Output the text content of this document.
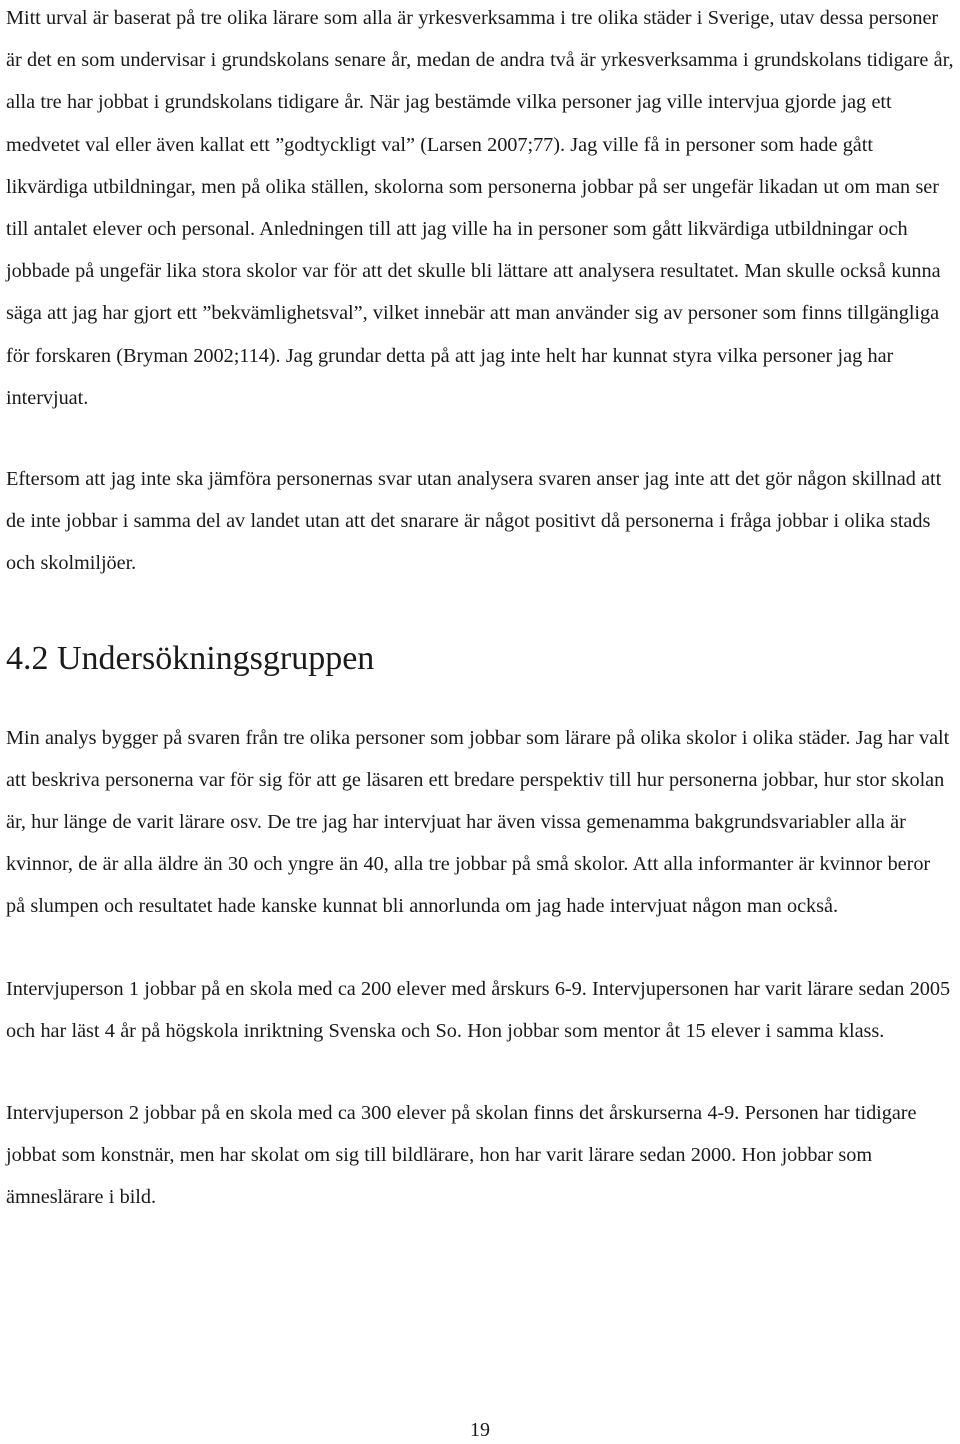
Mitt urval är baserat på tre olika lärare som alla är yrkesverksamma i tre olika städer i Sverige, utav dessa personer är det en som undervisar i grundskolans senare år, medan de andra två är yrkesverksamma i grundskolans tidigare år, alla tre har jobbat i grundskolans tidigare år. När jag bestämde vilka personer jag ville intervjua gjorde jag ett medvetet val eller även kallat ett ”godtyckligt val” (Larsen 2007;77). Jag ville få in personer som hade gått likvärdiga utbildningar, men på olika ställen, skolorna som personerna jobbar på ser ungefär likadan ut om man ser till antalet elever och personal. Anledningen till att jag ville ha in personer som gått likvärdiga utbildningar och jobbade på ungefär lika stora skolor var för att det skulle bli lättare att analysera resultatet. Man skulle också kunna säga att jag har gjort ett ”bekvämlighetsval”, vilket innebär att man använder sig av personer som finns tillgängliga för forskaren (Bryman 2002;114). Jag grundar detta på att jag inte helt har kunnat styra vilka personer jag har intervjuat.

Eftersom att jag inte ska jämföra personernas svar utan analysera svaren anser jag inte att det gör någon skillnad att de inte jobbar i samma del av landet utan att det snarare är något positivt då personerna i fråga jobbar i olika stads och skolmiljöer.

4.2 Undersökningsgruppen

Min analys bygger på svaren från tre olika personer som jobbar som lärare på olika skolor i olika städer. Jag har valt att beskriva personerna var för sig för att ge läsaren ett bredare perspektiv till hur personerna jobbar, hur stor skolan är, hur länge de varit lärare osv. De tre jag har intervjuat har även vissa gemenamma bakgrundsvariabler alla är kvinnor, de är alla äldre än 30 och yngre än 40, alla tre jobbar på små skolor. Att alla informanter är kvinnor beror på slumpen och resultatet hade kanske kunnat bli annorlunda om jag hade intervjuat någon man också.

Intervjuperson 1 jobbar på en skola med ca 200 elever med årskurs 6-9. Intervjupersonen har varit lärare sedan 2005 och har läst 4 år på högskola inriktning Svenska och So. Hon jobbar som mentor åt 15 elever i samma klass.

Intervjuperson 2 jobbar på en skola med ca 300 elever på skolan finns det årskurserna 4-9. Personen har tidigare jobbat som konstnär, men har skolat om sig till bildlärare, hon har varit lärare sedan 2000. Hon jobbar som ämneslärare i bild.

19
